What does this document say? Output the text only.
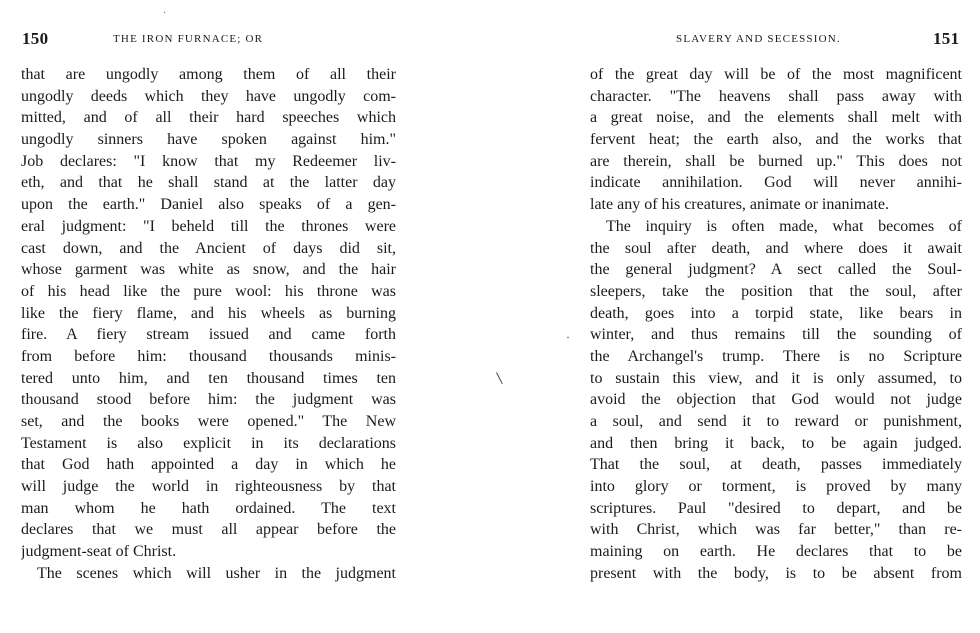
150	THE IRON FURNACE; OR
that are ungodly among them of all their
ungodly deeds which they have ungodly com-
mitted, and of all their hard speeches which
ungodly sinners have spoken against him."
Job declares: "I know that my Redeemer liv-
eth, and that he shall stand at the latter day
upon the earth." Daniel also speaks of a gen-
eral judgment: "I beheld till the thrones were
cast down, and the Ancient of days did sit,
whose garment was white as snow, and the hair
of his head like the pure wool: his throne was
like the fiery flame, and his wheels as burning
fire. A fiery stream issued and came forth
from before him: thousand thousands minis-
tered unto him, and ten thousand times ten
thousand stood before him: the judgment was
set, and the books were opened." The New
Testament is also explicit in its declarations
that God hath appointed a day in which he
will judge the world in righteousness by that
man whom he hath ordained. The text
declares that we must all appear before the
judgment-seat of Christ.
The scenes which will usher in the judgment
SLAVERY AND SECESSION.	151
of the great day will be of the most magnificent
character. "The heavens shall pass away with
a great noise, and the elements shall melt with
fervent heat; the earth also, and the works that
are therein, shall be burned up." This does not
indicate annihilation. God will never annihi-
late any of his creatures, animate or inanimate.
The inquiry is often made, what becomes of
the soul after death, and where does it await
the general judgment? A sect called the Soul-
sleepers, take the position that the soul, after
death, goes into a torpid state, like bears in
winter, and thus remains till the sounding of
the Archangel's trump. There is no Scripture
to sustain this view, and it is only assumed, to
avoid the objection that God would not judge
a soul, and send it to reward or punishment,
and then bring it back, to be again judged.
That the soul, at death, passes immediately
into glory or torment, is proved by many
scriptures. Paul "desired to depart, and be
with Christ, which was far better," than re-
maining on earth. He declares that to be
present with the body, is to be absent from
·
·
\
